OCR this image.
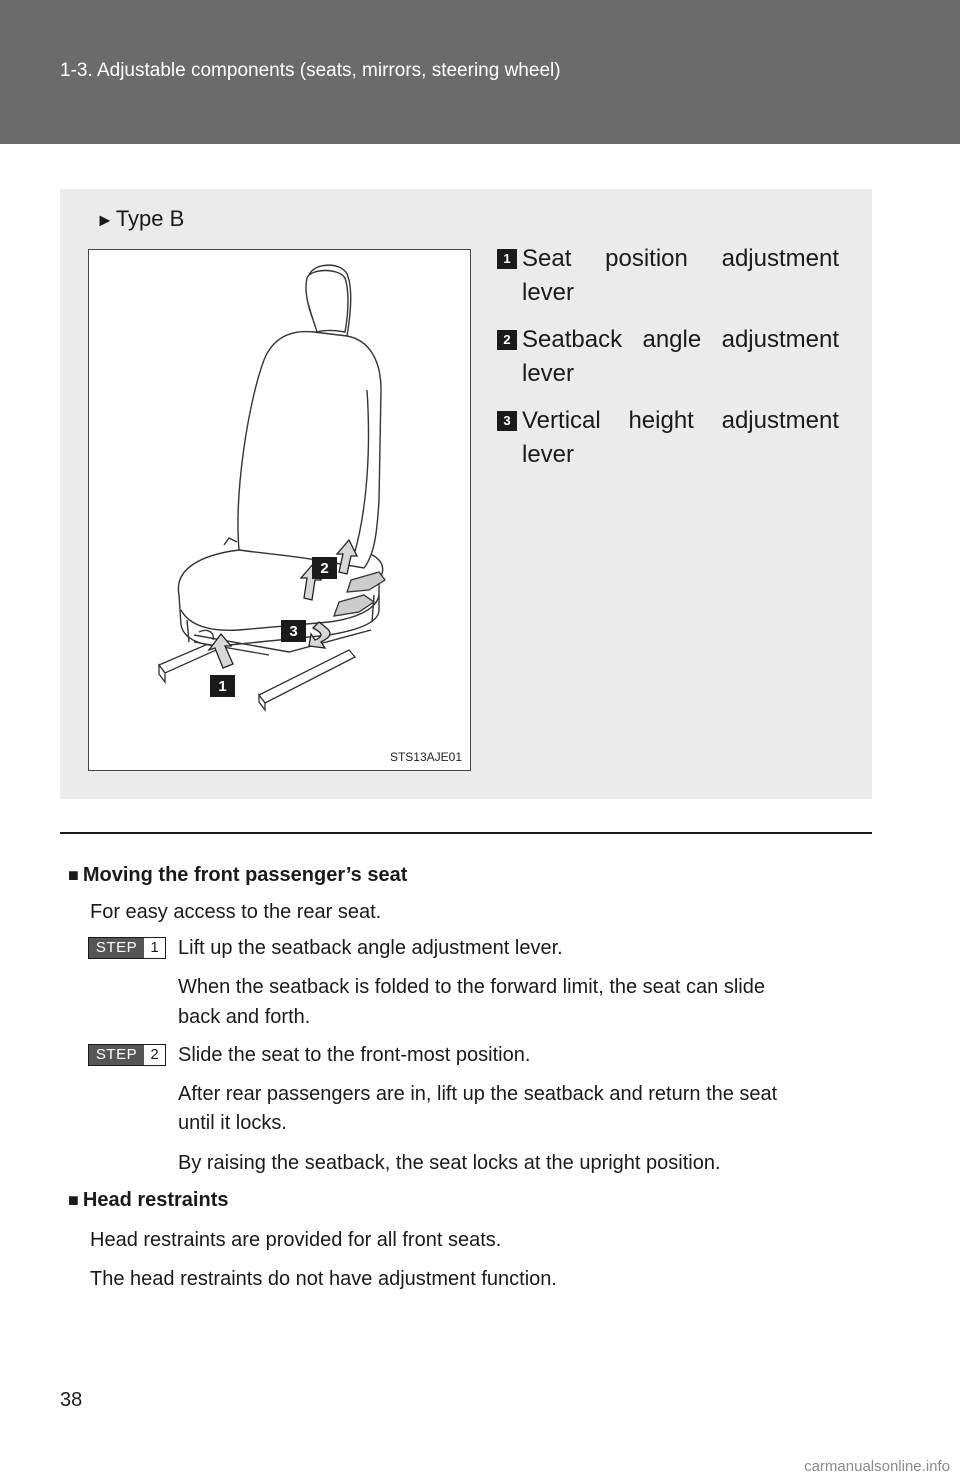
1-3. Adjustable components (seats, mirrors, steering wheel)
►Type B
1
2
3
STS13AJE01
1 Seat position adjustment lever
2 Seatback angle adjustment lever
3 Vertical height adjustment lever
■ Moving the front passenger’s seat
For easy access to the rear seat.
STEP 1 Lift up the seatback angle adjustment lever.
When the seatback is folded to the forward limit, the seat can slide
back and forth.
STEP 2 Slide the seat to the front-most position.
After rear passengers are in, lift up the seatback and return the seat
until it locks.
By raising the seatback, the seat locks at the upright position.
■ Head restraints
Head restraints are provided for all front seats.
The head restraints do not have adjustment function.
38
carmanualsonline.info
